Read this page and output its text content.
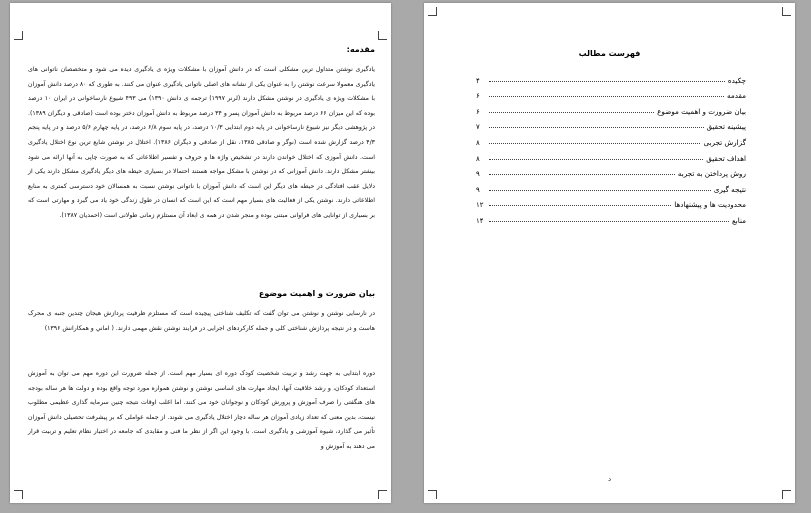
مقدمه:

یادگیری نوشتن متداول ترین مشکلی است که در دانش آموزان با مشکلات ویژه ی یادگیری دیده می شود و متخصصان ناتوانی های یادگیری معمولا سرعت نوشتن را به عنوان یکی از نشانه های اصلی ناتوانی یادگیری عنوان می کنند. به طوری که ۸۰ درصد دانش آموزان با مشکلات ویژه ی یادگیری در نوشتن مشکل دارند (لرنر ۱۹۹۷) ترجمه ی دانش ۱۳۹۰) می ۴۹۳ شیوع نارساخوانی در ایران ۱۰ درصد بوده که این میزان ۶۶ درصد مربوط به دانش آموزان پسر و ۳۴ درصد مربوط به دانش آموزان دختر بوده است (صادقی و دیگران ۱۳۸۹). در پژوهشی دیگر نیز شیوع نارساخوانی در پایه دوم ابتدایی ۱۰/۳ درصد، در پایه سوم ۶/۸ درصد، در پایه چهارم ۵/۶ درصد و در پایه پنجم ۴/۳ درصد گزارش شده است (نوگر و صادقی ۱۳۸۵، نقل از صادقی و دیگران ۱۳۸۶). اختلال در نوشتن شایع ترین نوع اختلال یادگیری است. دانش آموزی که اختلال خواندن دارند در تشخیص واژه ها و حروف و تفسیر اطلاعاتی که به صورت چاپی به آنها ارائه می شود بیشتر مشکل دارند. دانش آموزانی که در نوشتن با مشکل مواجه هستند احتمالا در بسیاری حیطه های دیگر یادگیری مشکل دارند یکی از دلایل عقب افتادگی در حیطه های دیگر این است که دانش آموزان با ناتوانی نوشتن نسبت به همسالان خود دسترسی کمتری به منابع اطلاعاتی دارند. نوشتن یکی از فعالیت های بسیار مهم است که این است که انسان در طول زندگی خود یاد می گیرد و مهارتی است که بر بسیاری از توانایی های فراوانی مبتنی بوده و منجر شدن در همه ی ابعاد آن مستلزم زمانی طولانی است (احمدیان ۱۳۸۷).

بیان ضرورت و اهمیت موضوع

در نارسایی نوشتن و نوشتن می توان گفت که تکلیف شناختی پیچیده است که مستلزم ظرفیت پردازش هیجان چندین جنبه ی محرک هاست و در نتیجه پردازش شناختی کلی و جمله کارکردهای اجرایی در فرایند نوشتن نقش مهمی دارند. ( اماني و همکارانش ۱۳۹۶)

دوره ابتدایی به جهت رشد و تربیت شخصیت کودک دوره ای بسیار مهم است. از جمله ضرورت این دوره مهم می توان به آموزش استعداد کودکان، و رشد خلاقیت آنها، ایجاد مهارت های اساسی نوشتن و نوشتن همواره مورد توجه واقع بوده و دولت ها هر ساله بودجه های هنگفتی را صرف آموزش و پرورش کودکان و نوجوانان خود می کنند. اما اغلب اوقات نتیجه چنین سرمایه گذاری عظیمی مطلوب نیست، بدین معنی که تعداد زیادی آموزان هر ساله دچار اختلال یادگیری می شوند. از جمله عواملی که بر پیشرفت تحصیلی دانش آموزان تأثیر می گذارد، شیوه آموزشی و یادگیری است. با وجود این اگر از نظر ما فنی و مقایدی که جامعه در اختیار نظام تعلیم و تربیت قرار می دهند به آموزش و

فهرست مطالب
۴	چکیده
۶	مقدمه
۶	بیان ضرورت و اهمیت موضوع
۷	پیشینه تحقیق
۸	گزارش تجربی
۸	اهداف تحقیق
۹	روش پرداختن به تجربه
۹	نتیجه گیری
۱۲	محدودیت ها و پیشنهادها
۱۴	منابع
د
